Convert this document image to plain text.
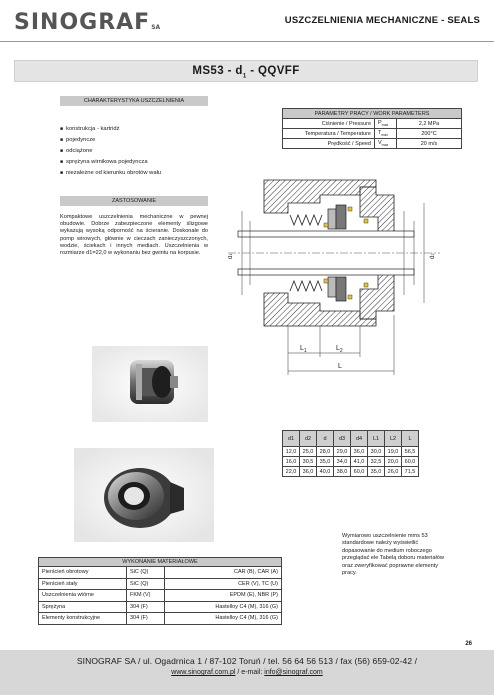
SINOGRAFSA
USZCZELNIENIA MECHANICZNE - SEALS
$MS53 - d_1$ - QQVFF
CHARAKTERYSTYKA USZCZELNIENIA
■ konstrukcja - kartridż
■ pojedyncze
■ odciążone
■ sprężyna wirnikowa pojedyncza
■ niezależne od kierunku obrotów wału
ZASTOSOWANIE
Kompaktowe uszczelnienia mechaniczne w pewnej obudowie. Dobrze zabezpieczone elementy ślizgowe wykazują wysoką odporność na ścieranie. Doskonałe do pomp wirowych, głównie w cieczach zanieczyszczonych, wodzie, ściekach i innych mediach. Uszczelnienia w rozmiarze d1=22,0 w wykonaniu bez gwintu na korpusie.
PARAMETRY PRACY / WORK PARAMETERS		
Ciśnienie / Pressure	$P_{max}$	2,2 MPa
Temperatura / Temperature	$T_{max}$	200°C
Prędkość / Speed	$V_{max}$	20 m/s
$L_1$	$L_2$
L
d1
d2
d1	d2	d	d3	d4	L1	L2	L
12,0	25,0	28,0	29,0	36,0	30,0	19,0	56,5
16,0	30,5	35,0	34,0	41,0	32,5	20,0	60,0
22,0	36,0	40,0	38,0	60,0	35,0	26,0	71,5
Wymiarowo uszczelnienie mms 53 standardowe należy wyświetlić dopasowanie do medium roboczego przeglądać ele Tabelą doboru materiałów oraz zweryfikować poprawne elementy pracy.
WYKONANIE MATERIAŁOWE		
Pierścień obrotowy	SiC (Q)	CAR (B), CAR (A)
Pierścień stały	SiC (Q)	CER (V), TC (U)
Uszczelnienia wtórne	FKM (V)	EPDM (E), NBR (P)
Sprężyna	304 (F)	Hastelloy C4 (M), 316 (G)
Elementy konstrukcyjne	304 (F)	Hastelloy C4 (M), 316 (G)
26
SINOGRAF SA / ul. Ogadrnica 1 / 87-102 Toruń / tel. 56 64 56 513 / fax (56) 659-02-42 /
www.sinograf.com.pl / e-mail: info@sinograf.com
